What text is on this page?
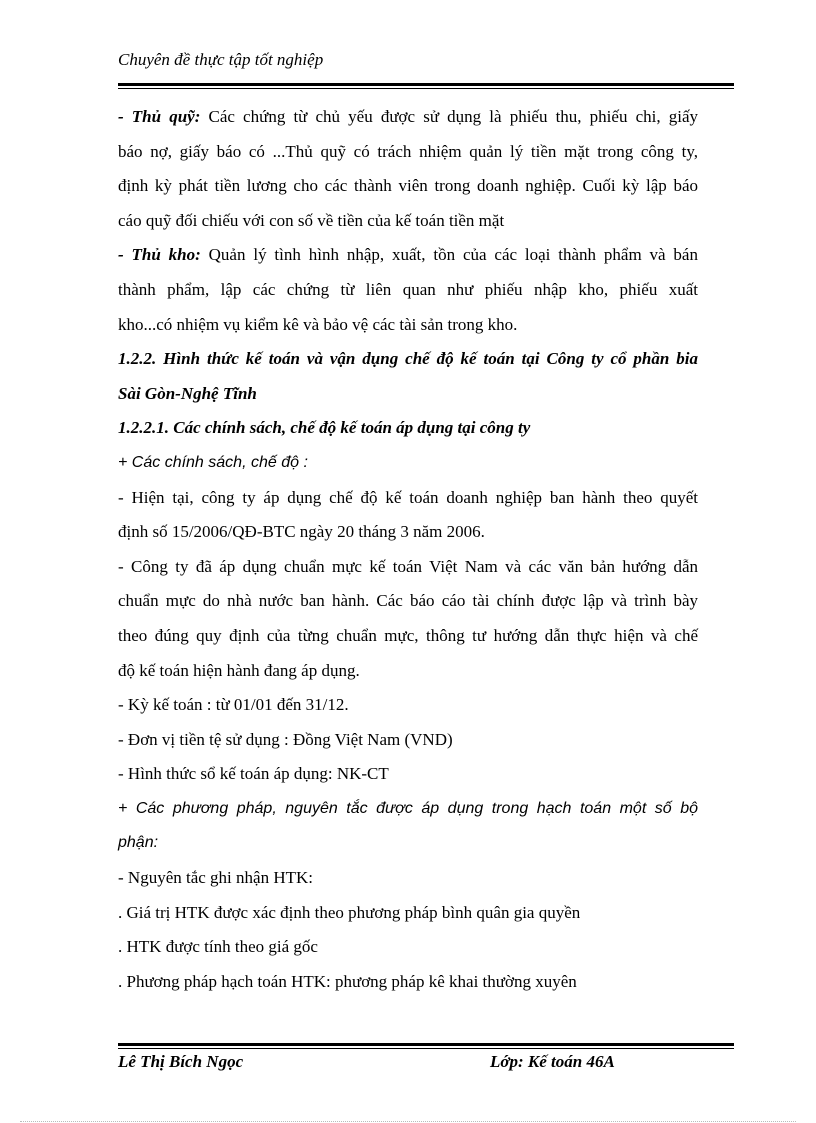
Chuyên đề thực tập tốt nghiệp
- Thủ quỹ: Các chứng từ chủ yếu được sử dụng là phiếu thu, phiếu chi, giấy
báo nợ, giấy báo có ...Thủ quỹ có trách nhiệm quản lý tiền mặt trong công ty,
định kỳ phát tiền lương cho các thành viên trong doanh nghiệp. Cuối kỳ lập báo
cáo quỹ đối chiếu với con số về tiền của kế toán tiền mặt
- Thủ kho: Quản lý tình hình nhập, xuất, tồn của các loại thành phẩm và bán
thành phẩm, lập các chứng từ liên quan như phiếu nhập kho, phiếu xuất
kho...có nhiệm vụ kiểm kê và bảo vệ các tài sản trong kho.
1.2.2. Hình thức kế toán và vận dụng chế độ kế toán tại Công ty cổ phần bia
Sài Gòn-Nghệ Tĩnh
1.2.2.1. Các chính sách, chế độ kế toán áp dụng tại công ty
+ Các chính sách, chế độ :
- Hiện tại, công ty áp dụng chế độ kế toán doanh nghiệp ban hành theo quyết
định số 15/2006/QĐ-BTC ngày 20 tháng 3 năm 2006.
- Công ty đã áp dụng chuẩn mực kế toán Việt Nam và các văn bản hướng dẫn
chuẩn mực do nhà nước ban hành. Các báo cáo tài chính được lập và trình bày
theo đúng quy định của từng chuẩn mực, thông tư hướng dẫn thực hiện và chế
độ kế toán hiện hành đang áp dụng.
- Kỳ kế toán : từ 01/01 đến 31/12.
- Đơn vị tiền tệ sử dụng : Đồng Việt Nam (VND)
- Hình thức sổ kế toán áp dụng: NK-CT
+ Các phương pháp, nguyên tắc được áp dụng trong hạch toán một số bộ
phận:
- Nguyên tắc ghi nhận HTK:
. Giá trị HTK được xác định theo phương pháp bình quân gia quyền
. HTK được tính theo giá gốc
. Phương pháp hạch toán HTK: phương pháp kê khai thường xuyên
Lê Thị Bích Ngọc	Lớp: Kế toán 46A
